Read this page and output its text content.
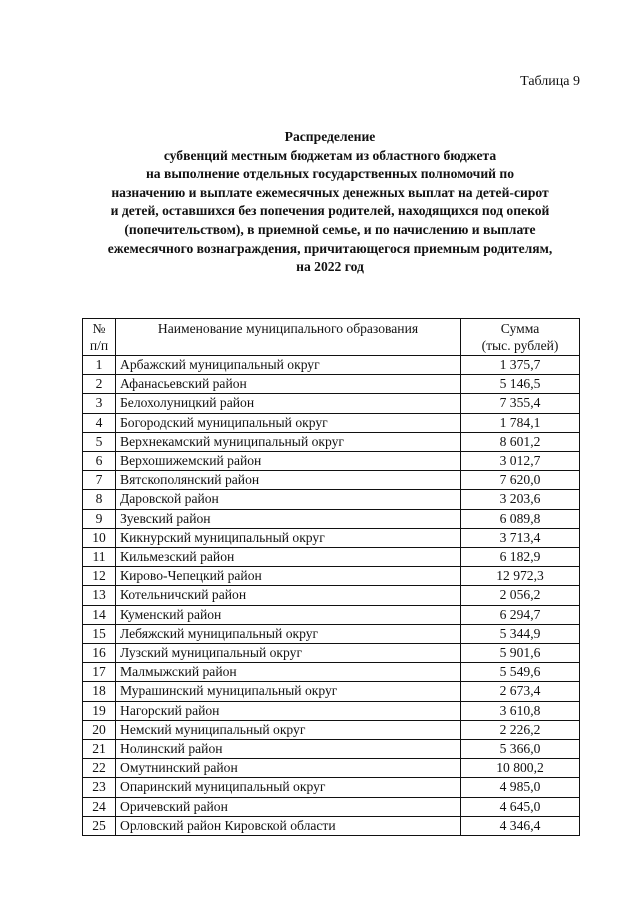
Таблица 9
Распределение
субвенций местным бюджетам из областного бюджета
на выполнение отдельных государственных полномочий по
назначению и выплате ежемесячных денежных выплат на детей-сирот
и детей, оставшихся без попечения родителей, находящихся под опекой
(попечительством), в приемной семье, и по начислению и выплате
ежемесячного вознаграждения, причитающегося приемным родителям,
на 2022 год
№
п/п	Наименование муниципального образования	Сумма
(тыс. рублей)

1	Арбажский муниципальный округ	1 375,7
2	Афанасьевский район	5 146,5
3	Белохолуницкий район	7 355,4
4	Богородский муниципальный округ	1 784,1
5	Верхнекамский муниципальный округ	8 601,2
6	Верхошижемский район	3 012,7
7	Вятскополянский район	7 620,0
8	Даровской район	3 203,6
9	Зуевский район	6 089,8
10	Кикнурский муниципальный округ	3 713,4
11	Кильмезский район	6 182,9
12	Кирово-Чепецкий район	12 972,3
13	Котельничский район	2 056,2
14	Куменский район	6 294,7
15	Лебяжский муниципальный округ	5 344,9
16	Лузский муниципальный округ	5 901,6
17	Малмыжский район	5 549,6
18	Мурашинский муниципальный округ	2 673,4
19	Нагорский район	3 610,8
20	Немский муниципальный округ	2 226,2
21	Нолинский район	5 366,0
22	Омутнинский район	10 800,2
23	Опаринский муниципальный округ	4 985,0
24	Оричевский район	4 645,0
25	Орловский район Кировской области	4 346,4
